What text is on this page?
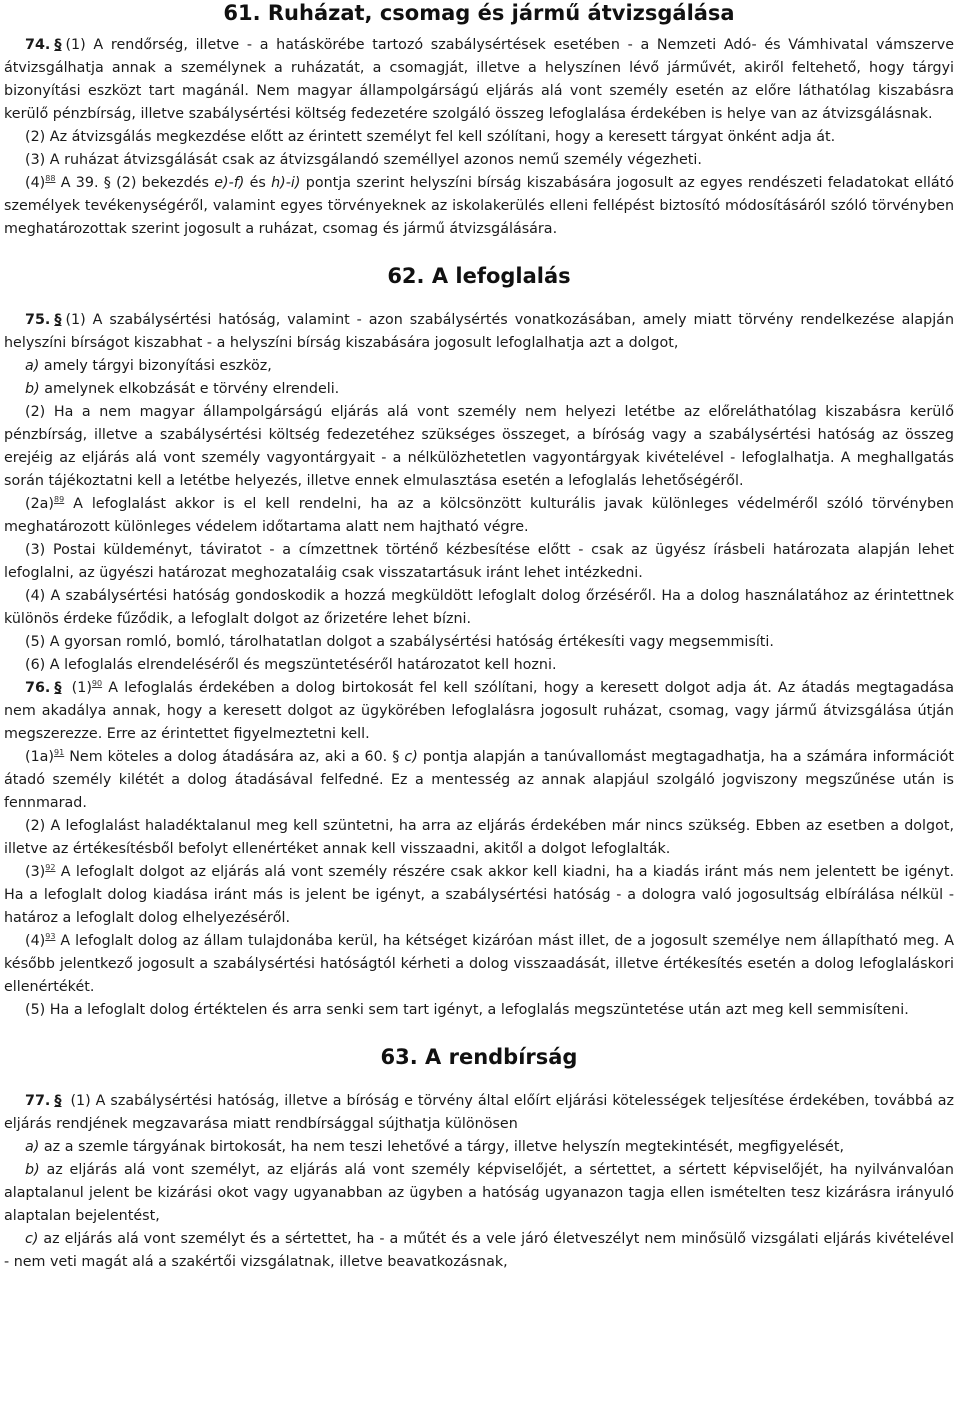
61. Ruházat, csomag és jármű átvizsgálása

74. § (1) A rendőrség, illetve - a hatáskörébe tartozó szabálysértések esetében - a Nemzeti Adó- és Vámhivatal vámszerve átvizsgálhatja annak a személynek a ruházatát, a csomagját, illetve a helyszínen lévő járművét, akiről feltehető, hogy tárgyi bizonyítási eszközt tart magánál. Nem magyar állampolgárságú eljárás alá vont személy esetén az előre láthatólag kiszabásra kerülő pénzbírság, illetve szabálysértési költség fedezetére szolgáló összeg lefoglalása érdekében is helye van az átvizsgálásnak.

(2) Az átvizsgálás megkezdése előtt az érintett személyt fel kell szólítani, hogy a keresett tárgyat önként adja át.

(3) A ruházat átvizsgálását csak az átvizsgálandó személlyel azonos nemű személy végezheti.

(4)$^{88}$ A 39. § (2) bekezdés e)-f) és h)-i) pontja szerint helyszíni bírság kiszabására jogosult az egyes rendészeti feladatokat ellátó személyek tevékenységéről, valamint egyes törvényeknek az iskolakerülés elleni fellépést biztosító módosításáról szóló törvényben meghatározottak szerint jogosult a ruházat, csomag és jármű átvizsgálására.

62. A lefoglalás

75. § (1) A szabálysértési hatóság, valamint - azon szabálysértés vonatkozásában, amely miatt törvény rendelkezése alapján helyszíni bírságot kiszabhat - a helyszíni bírság kiszabására jogosult lefoglalhatja azt a dolgot,

a) amely tárgyi bizonyítási eszköz,

b) amelynek elkobzását e törvény elrendeli.

(2) Ha a nem magyar állampolgárságú eljárás alá vont személy nem helyezi letétbe az előreláthatólag kiszabásra kerülő pénzbírság, illetve a szabálysértési költség fedezetéhez szükséges összeget, a bíróság vagy a szabálysértési hatóság az összeg erejéig az eljárás alá vont személy vagyontárgyait - a nélkülözhetetlen vagyontárgyak kivételével - lefoglalhatja. A meghallgatás során tájékoztatni kell a letétbe helyezés, illetve ennek elmulasztása esetén a lefoglalás lehetőségéről.

(2a)$^{89}$ A lefoglalást akkor is el kell rendelni, ha az a kölcsönzött kulturális javak különleges védelméről szóló törvényben meghatározott különleges védelem időtartama alatt nem hajtható végre.

(3) Postai küldeményt, táviratot - a címzettnek történő kézbesítése előtt - csak az ügyész írásbeli határozata alapján lehet lefoglalni, az ügyészi határozat meghozataláig csak visszatartásuk iránt lehet intézkedni.

(4) A szabálysértési hatóság gondoskodik a hozzá megküldött lefoglalt dolog őrzéséről. Ha a dolog használatához az érintettnek különös érdeke fűződik, a lefoglalt dolgot az őrizetére lehet bízni.

(5) A gyorsan romló, bomló, tárolhatatlan dolgot a szabálysértési hatóság értékesíti vagy megsemmisíti.

(6) A lefoglalás elrendeléséről és megszüntetéséről határozatot kell hozni.

76. § (1)$^{90}$ A lefoglalás érdekében a dolog birtokosát fel kell szólítani, hogy a keresett dolgot adja át. Az átadás megtagadása nem akadálya annak, hogy a keresett dolgot az ügykörében lefoglalásra jogosult ruházat, csomag, vagy jármű átvizsgálása útján megszerezze. Erre az érintettet figyelmeztetni kell.

(1a)$^{91}$ Nem köteles a dolog átadására az, aki a 60. § c) pontja alapján a tanúvallomást megtagadhatja, ha a számára információt átadó személy kilétét a dolog átadásával felfedné. Ez a mentesség az annak alapjául szolgáló jogviszony megszűnése után is fennmarad.

(2) A lefoglalást haladéktalanul meg kell szüntetni, ha arra az eljárás érdekében már nincs szükség. Ebben az esetben a dolgot, illetve az értékesítésből befolyt ellenértéket annak kell visszaadni, akitől a dolgot lefoglalták.

(3)$^{92}$ A lefoglalt dolgot az eljárás alá vont személy részére csak akkor kell kiadni, ha a kiadás iránt más nem jelentett be igényt. Ha a lefoglalt dolog kiadása iránt más is jelent be igényt, a szabálysértési hatóság - a dologra való jogosultság elbírálása nélkül - határoz a lefoglalt dolog elhelyezéséről.

(4)$^{93}$ A lefoglalt dolog az állam tulajdonába kerül, ha kétséget kizáróan mást illet, de a jogosult személye nem állapítható meg. A később jelentkező jogosult a szabálysértési hatóságtól kérheti a dolog visszaadását, illetve értékesítés esetén a dolog lefoglaláskori ellenértékét.

(5) Ha a lefoglalt dolog értéktelen és arra senki sem tart igényt, a lefoglalás megszüntetése után azt meg kell semmisíteni.

63. A rendbírság

77. § (1) A szabálysértési hatóság, illetve a bíróság e törvény által előírt eljárási kötelességek teljesítése érdekében, továbbá az eljárás rendjének megzavarása miatt rendbírsággal sújthatja különösen

a) az a szemle tárgyának birtokosát, ha nem teszi lehetővé a tárgy, illetve helyszín megtekintését, megfigyelését,

b) az eljárás alá vont személyt, az eljárás alá vont személy képviselőjét, a sértettet, a sértett képviselőjét, ha nyilvánvalóan alaptalanul jelent be kizárási okot vagy ugyanabban az ügyben a hatóság ugyanazon tagja ellen ismételten tesz kizárásra irányuló alaptalan bejelentést,

c) az eljárás alá vont személyt és a sértettet, ha - a műtét és a vele járó életveszélyt nem minősülő vizsgálati eljárás kivételével - nem veti magát alá a szakértői vizsgálatnak, illetve beavatkozásnak,
